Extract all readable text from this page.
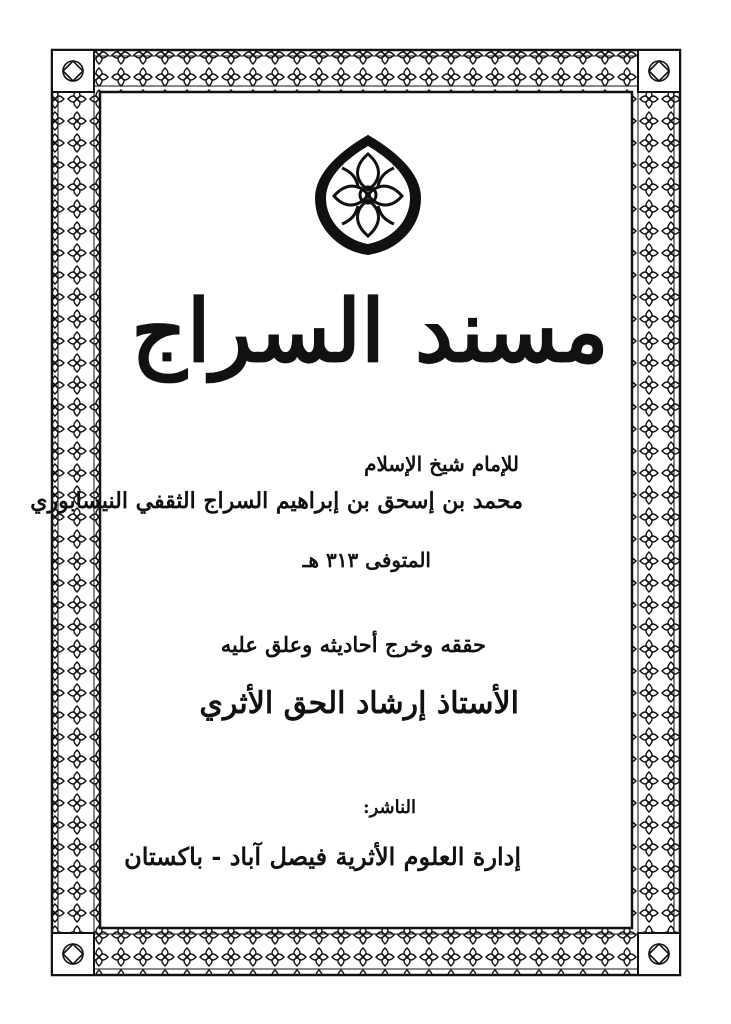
مسند السراج
للإمام شيخ الإسلام
محمد بن إسحق بن إبراهيم السراج الثقفي النيسابوري
المتوفى ٣١٣ هـ
حققه وخرج أحاديثه وعلق عليه
الأستاذ إرشاد الحق الأثري
الناشر:
إدارة العلوم الأثرية فيصل آباد - باكستان
